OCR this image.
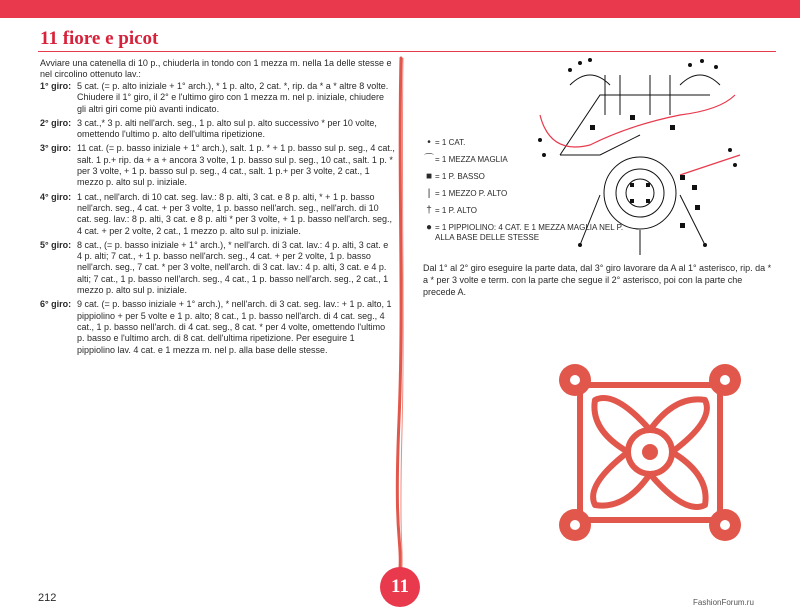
11 fiore e picot
Avviare una catenella di 10 p., chiuderla in tondo con 1 mezza m. nella 1a delle stesse e nel circolino ottenuto lav.:
1° giro: 5 cat. (= p. alto iniziale + 1° arch.), * 1 p. alto, 2 cat. *, rip. da * a * altre 8 volte. Chiudere il 1° giro, il 2° e l'ultimo giro con 1 mezza m. nel p. iniziale, chiudere gli altri giri come più avanti indicato.
2° giro: 3 cat.,* 3 p. alti nell'arch. seg., 1 p. alto sul p. alto successivo * per 10 volte, omettendo l'ultimo p. alto dell'ultima ripetizione.
3° giro: 11 cat. (= p. basso iniziale + 1° arch.), salt. 1 p. * + 1 p. basso sul p. seg., 4 cat., salt. 1 p.+ rip. da + a + ancora 3 volte, 1 p. basso sul p. seg., 10 cat., salt. 1 p. * per 3 volte, + 1 p. basso sul p. seg., 4 cat., salt. 1 p.+ per 3 volte, 2 cat., 1 mezzo p. alto sul p. iniziale.
4° giro: 1 cat., nell'arch. di 10 cat. seg. lav.: 8 p. alti, 3 cat. e 8 p. alti, * + 1 p. basso nell'arch. seg., 4 cat. + per 3 volte, 1 p. basso nell'arch. seg., nell'arch. di 10 cat. seg. lav.: 8 p. alti, 3 cat. e 8 p. alti * per 3 volte, + 1 p. basso nell'arch. seg., 4 cat. + per 2 volte, 2 cat., 1 mezzo p. alto sul p. iniziale.
5° giro: 8 cat., (= p. basso iniziale + 1° arch.), * nell'arch. di 3 cat. lav.: 4 p. alti, 3 cat. e 4 p. alti; 7 cat., + 1 p. basso nell'arch. seg., 4 cat. + per 2 volte, 1 p. basso nell'arch. seg., 7 cat. * per 3 volte, nell'arch. di 3 cat. lav.: 4 p. alti, 3 cat. e 4 p. alti; 7 cat., 1 p. basso nell'arch. seg., 4 cat., 1 p. basso nell'arch. seg., 2 cat., 1 mezzo p. alto sul p. iniziale.
6° giro: 9 cat. (= p. basso iniziale + 1° arch.), * nell'arch. di 3 cat. seg. lav.: + 1 p. alto, 1 pippiolino + per 5 volte e 1 p. alto; 8 cat., 1 p. basso nell'arch. di 4 cat. seg., 4 cat., 1 p. basso nell'arch. di 4 cat. seg., 8 cat. * per 4 volte, omettendo l'ultimo p. basso e l'ultimo arch. di 8 cat. dell'ultima ripetizione. Per eseguire 1 pippiolino lav. 4 cat. e 1 mezza m. nel p. alla base delle stesse.
• = 1 CAT.
⌒ = 1 MEZZA MAGLIA
■ = 1 P. BASSO
| = 1 MEZZO P. ALTO
† = 1 P. ALTO
● = 1 PIPPIOLINO: 4 CAT. E 1 MEZZA MAGLIA NEL P. ALLA BASE DELLE STESSE
Dal 1° al 2° giro eseguire la parte data, dal 3° giro lavorare da A al 1° asterisco, rip. da * a * per 3 volte e term. con la parte che segue il 2° asterisco, poi con la parte che precede A.
212
11
FashionForum.ru
